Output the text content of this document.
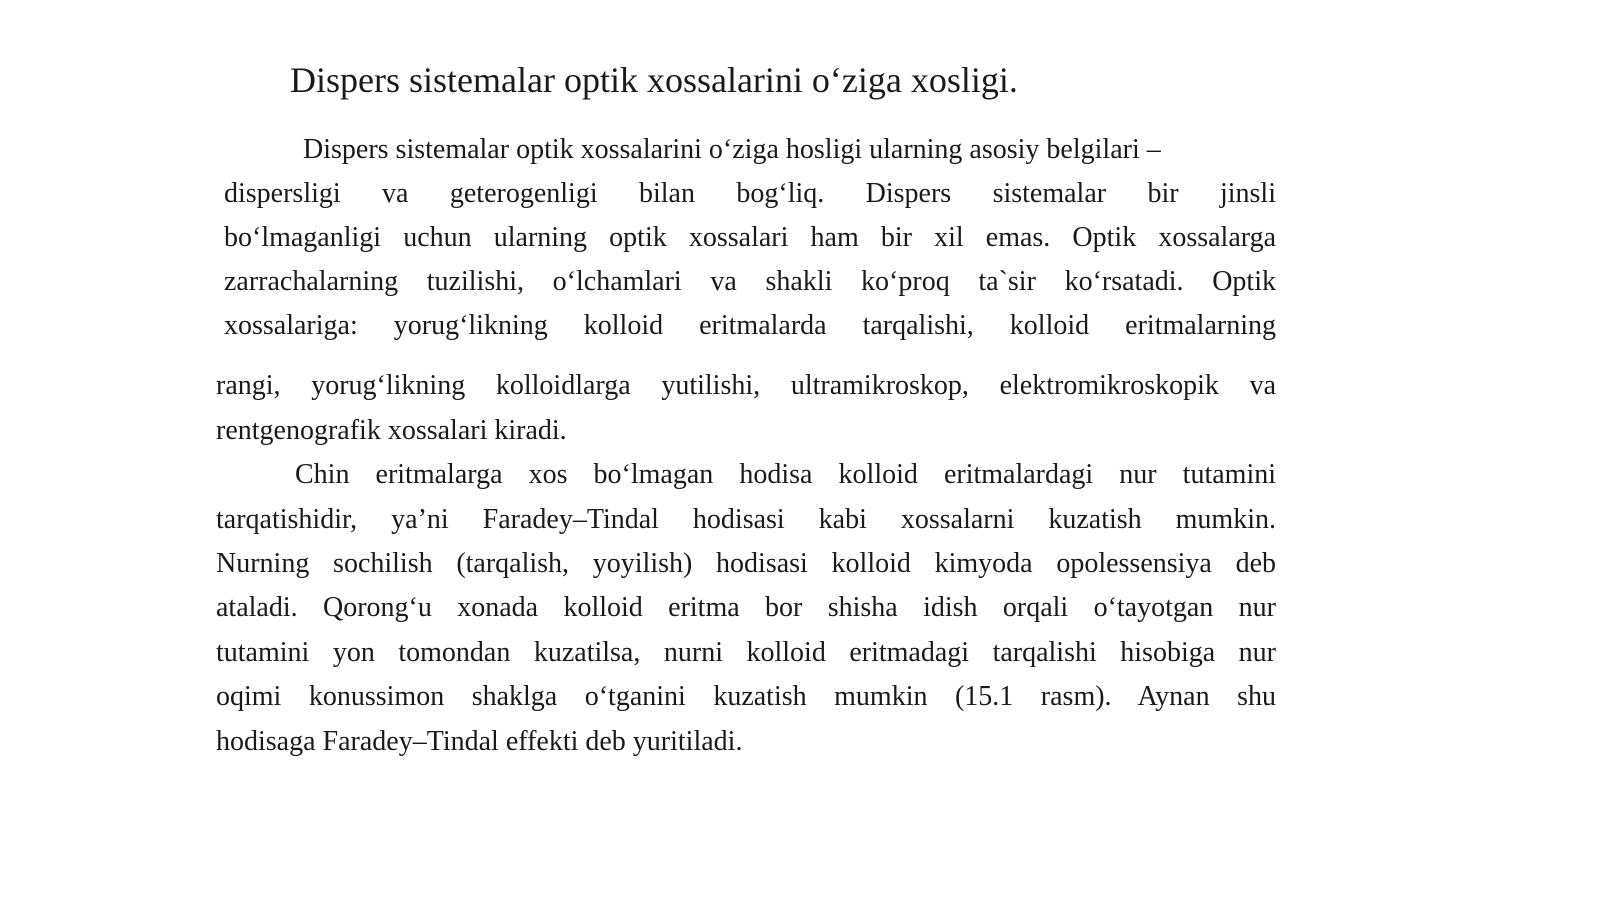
Dispers sistemalar optik xossalarini o‘ziga xosligi.

Dispers sistemalar optik xossalarini o‘ziga hosligi ularning asosiy belgilari –

dispersligi va geterogenligi bilan bog‘liq. Dispers sistemalar bir jinsli

bo‘lmaganligi uchun ularning optik xossalari ham bir xil emas. Optik xossalarga

zarrachalarning tuzilishi, o‘lchamlari va shakli ko‘proq ta`sir ko‘rsatadi. Optik

xossalariga: yorug‘likning kolloid eritmalarda tarqalishi, kolloid eritmalarning

rangi, yorug‘likning kolloidlarga yutilishi, ultramikroskop, elektromikroskopik va

rentgenografik xossalari kiradi.

Chin eritmalarga xos bo‘lmagan hodisa kolloid eritmalardagi nur tutamini

tarqatishidir, ya’ni Faradey–Tindal hodisasi kabi xossalarni kuzatish mumkin.

Nurning sochilish (tarqalish, yoyilish) hodisasi kolloid kimyoda opolessensiya deb

ataladi. Qorong‘u xonada kolloid eritma bor shisha idish orqali o‘tayotgan nur

tutamini yon tomondan kuzatilsa, nurni kolloid eritmadagi tarqalishi hisobiga nur

oqimi konussimon shaklga o‘tganini kuzatish mumkin (15.1 rasm). Aynan shu

hodisaga Faradey–Tindal effekti deb yuritiladi.
